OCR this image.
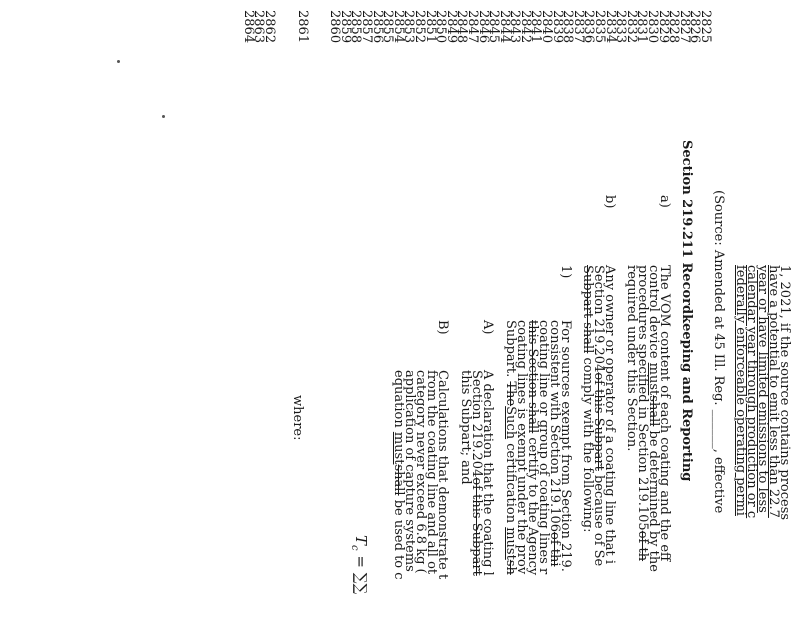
2825
2826
2827
2828
2829
2830
2831
2832
2833
2834
2835
2836
2837
2838
2839
2840
2841
2842
2843
2844
2845
2846
2847
2848
2849
2850
2851
2852
2853
2854
2855
2856
2857
2858
2859
2860
2861
2862
2863
2864
1, 2021, if the source contains process
have a potential to emit less than 22.7
year or have limited emissions to less
calendar year through production or c
federally enforceable operating permi
(Source: Amended at 45 Ill. Reg. ______, effective
Section 219.211 Recordkeeping and Reporting
a)
The VOM content of each coating and the eff
control device mustshall be determined by the
procedures specified in Section 219.105of th
required under this Section.
b)
Any owner or operator of a coating line that i
Section 219.204of this Subpart because of Se
Subpart shall comply with the following:
1)
For sources exempt from Section 219.
consistent with Section 219.106of thi
coating line or group of coating lines r
this Section shall certify to the Agency
coating lines is exempt under the prov
Subpart. TheSuch certification mustsh
A)
A declaration that the coating l
Section 219.204of this Subpart
this Subpart; and
B)
Calculations that demonstrate t
from the coating line and all ot
category never exceed 6.8 kg (
application of capture systems
equation mustshall be used to c
where:
$T_c$ = ∑∑
